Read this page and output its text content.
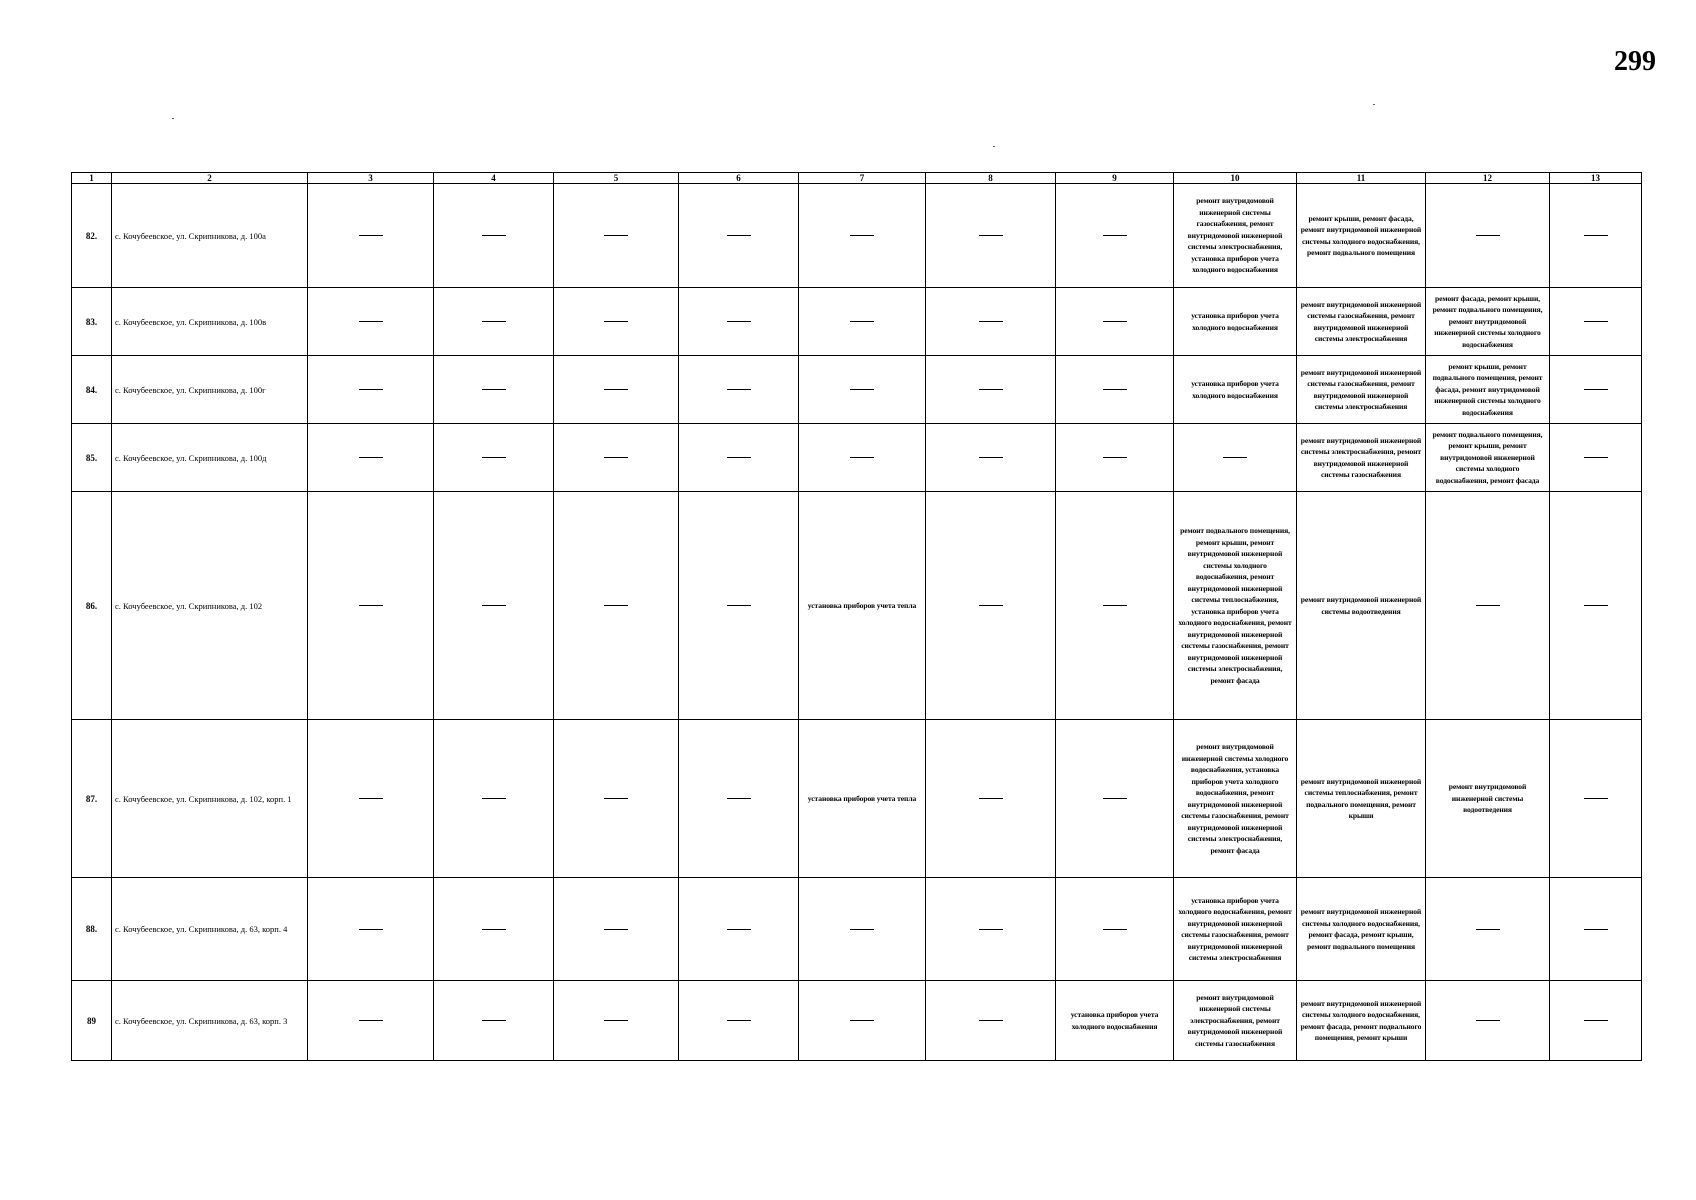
299
1	2	3	4	5	6	7	8	9	10	11	12	13
82.	с. Кочубеевское, ул. Скрипникова, д. 100а								ремонт внутридомовой инженерной системы газоснабжения, ремонт внутридомовой инженерной системы электроснабжения, установка приборов учета холодного водоснабжения	ремонт крыши, ремонт фасада, ремонт внутридомовой инженерной системы холодного водоснабжения, ремонт подвального помещения	

83.	с. Кочубеевское, ул. Скрипникова, д. 100в								установка приборов учета холодного водоснабжения	ремонт внутридомовой инженерной системы газоснабжения, ремонт внутридомовой инженерной системы электроснабжения	ремонт фасада, ремонт крыши, ремонт подвального помещения, ремонт внутридомовой инженерной системы холодного водоснабжения	

84.	с. Кочубеевское, ул. Скрипникова, д. 100г								установка приборов учета холодного водоснабжения	ремонт внутридомовой инженерной системы газоснабжения, ремонт внутридомовой инженерной системы электроснабжения	ремонт крыши, ремонт подвального помещения, ремонт фасада, ремонт внутридомовой инженерной системы холодного водоснабжения	

85.	с. Кочубеевское, ул. Скрипникова, д. 100д									ремонт внутридомовой инженерной системы электроснабжения, ремонт внутридомовой инженерной системы газоснабжения	ремонт подвального помещения, ремонт крыши, ремонт внутридомовой инженерной системы холодного водоснабжения, ремонт фасада	

86.	с. Кочубеевское, ул. Скрипникова, д. 102					установка приборов учета тепла			ремонт подвального помещения, ремонт крыши, ремонт внутридомовой инженерной системы холодного водоснабжения, ремонт внутридомовой инженерной системы теплоснабжения, установка приборов учета холодного водоснабжения, ремонт внутридомовой инженерной системы газоснабжения, ремонт внутридомовой инженерной системы электроснабжения, ремонт фасада	ремонт внутридомовой инженерной системы водоотведения	

87.	с. Кочубеевское, ул. Скрипникова, д. 102, корп. 1					установка приборов учета тепла			ремонт внутридомовой инженерной системы холодного водоснабжения, установка приборов учета холодного водоснабжения, ремонт внутридомовой инженерной системы газоснабжения, ремонт внутридомовой инженерной системы электроснабжения, ремонт фасада	ремонт внутридомовой инженерной системы теплоснабжения, ремонт подвального помещения, ремонт крыши	ремонт внутридомовой инженерной системы водоотведения	

88.	с. Кочубеевское, ул. Скрипникова, д. 63, корп. 4								установка приборов учета холодного водоснабжения, ремонт внутридомовой инженерной системы газоснабжения, ремонт внутридомовой инженерной системы электроснабжения	ремонт внутридомовой инженерной системы холодного водоснабжения, ремонт фасада, ремонт крыши, ремонт подвального помещения	

89	с. Кочубеевское, ул. Скрипникова, д. 63, корп. 3							установка приборов учета холодного водоснабжения	ремонт внутридомовой инженерной системы электроснабжения, ремонт внутридомовой инженерной системы газоснабжения	ремонт внутридомовой инженерной системы холодного водоснабжения, ремонт фасада, ремонт подвального помещения, ремонт крыши	
